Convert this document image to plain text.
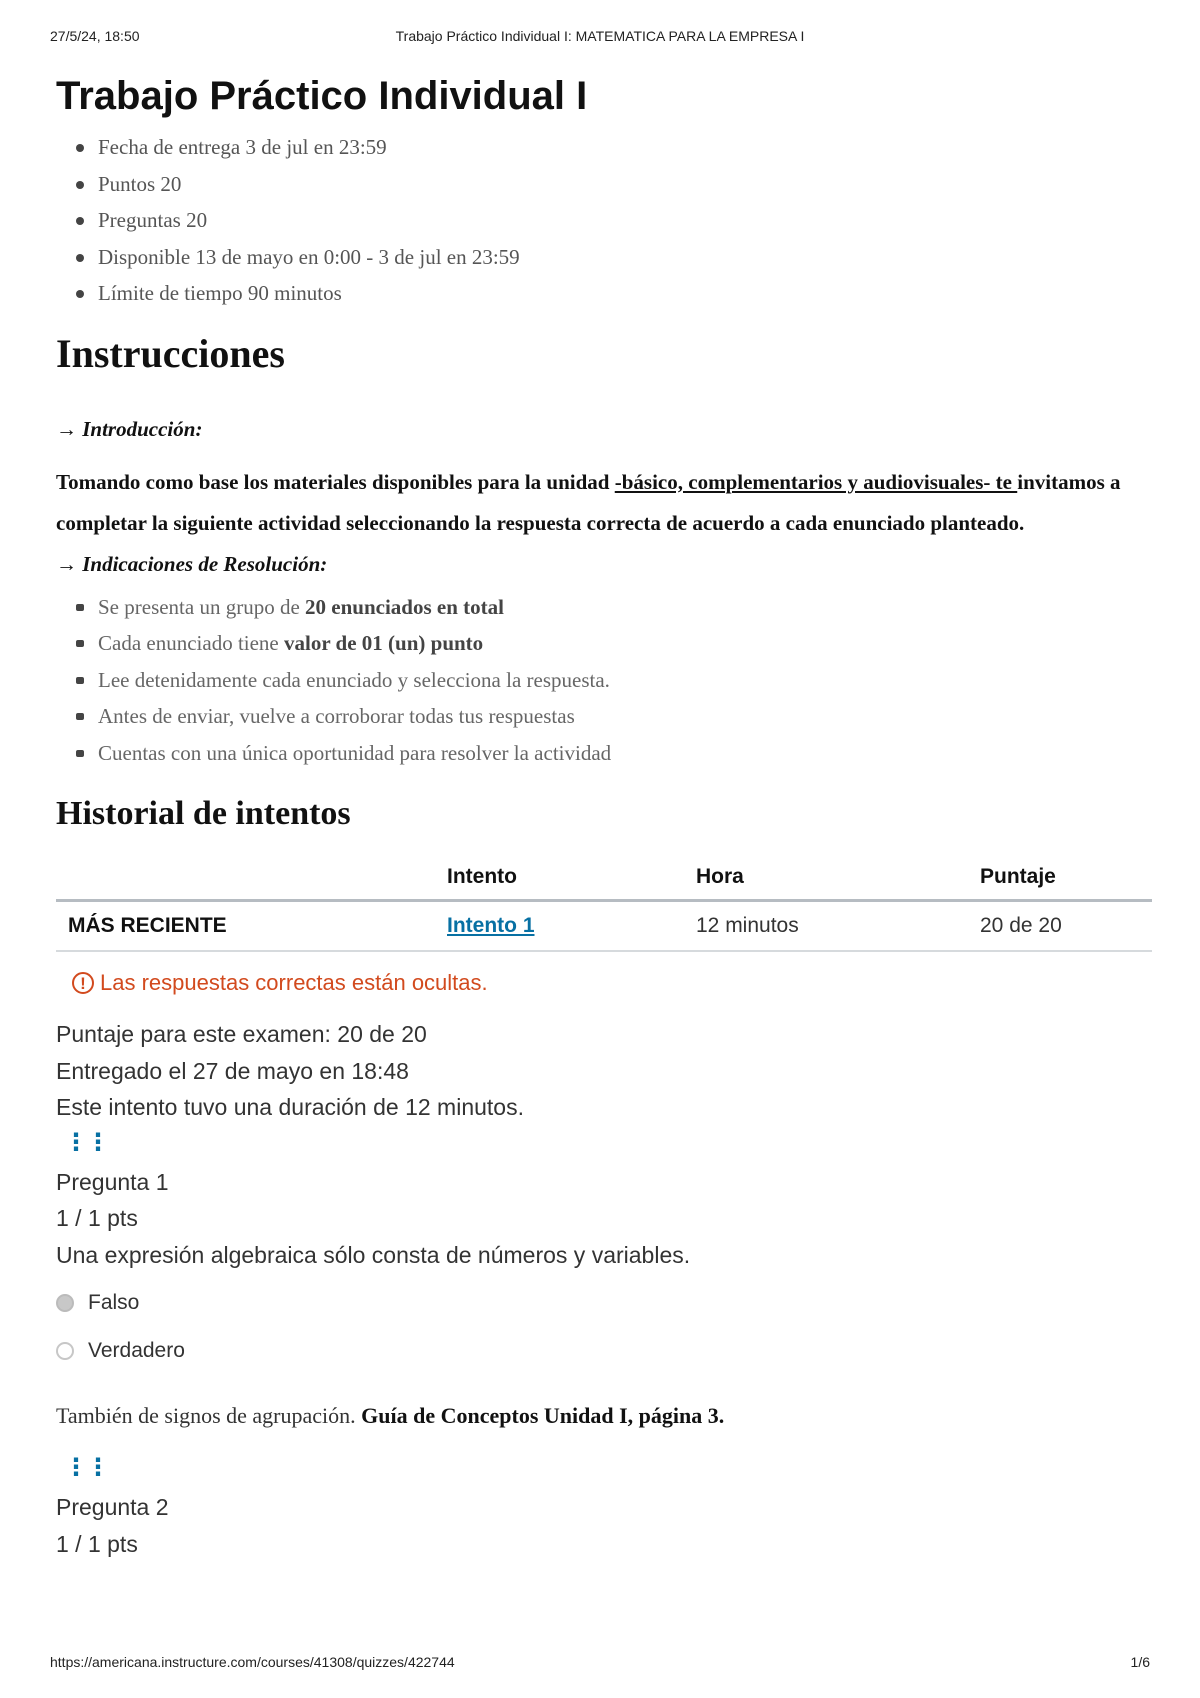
27/5/24, 18:50	Trabajo Práctico Individual I: MATEMATICA PARA LA EMPRESA I
Trabajo Práctico Individual I
Fecha de entrega 3 de jul en 23:59
Puntos 20
Preguntas 20
Disponible 13 de mayo en 0:00 - 3 de jul en 23:59
Límite de tiempo 90 minutos
Instrucciones
→ Introducción:
Tomando como base los materiales disponibles para la unidad -básico, complementarios y audiovisuales- te invitamos a completar la siguiente actividad seleccionando la respuesta correcta de acuerdo a cada enunciado planteado.
→ Indicaciones de Resolución:
Se presenta un grupo de 20 enunciados en total
Cada enunciado tiene valor de 01 (un) punto
Lee detenidamente cada enunciado y selecciona la respuesta.
Antes de enviar, vuelve a corroborar todas tus respuestas
Cuentas con una única oportunidad para resolver la actividad
Historial de intentos
	Intento	Hora	Puntaje
MÁS RECIENTE	Intento 1	12 minutos	20 de 20
! Las respuestas correctas están ocultas.
Puntaje para este examen: 20 de 20
Entregado el 27 de mayo en 18:48
Este intento tuvo una duración de 12 minutos.
⋮⋮
Pregunta 1
1 / 1 pts
Una expresión algebraica sólo consta de números y variables.
Falso
Verdadero
También de signos de agrupación. Guía de Conceptos Unidad I, página 3.
⋮⋮
Pregunta 2
1 / 1 pts
https://americana.instructure.com/courses/41308/quizzes/422744	1/6
